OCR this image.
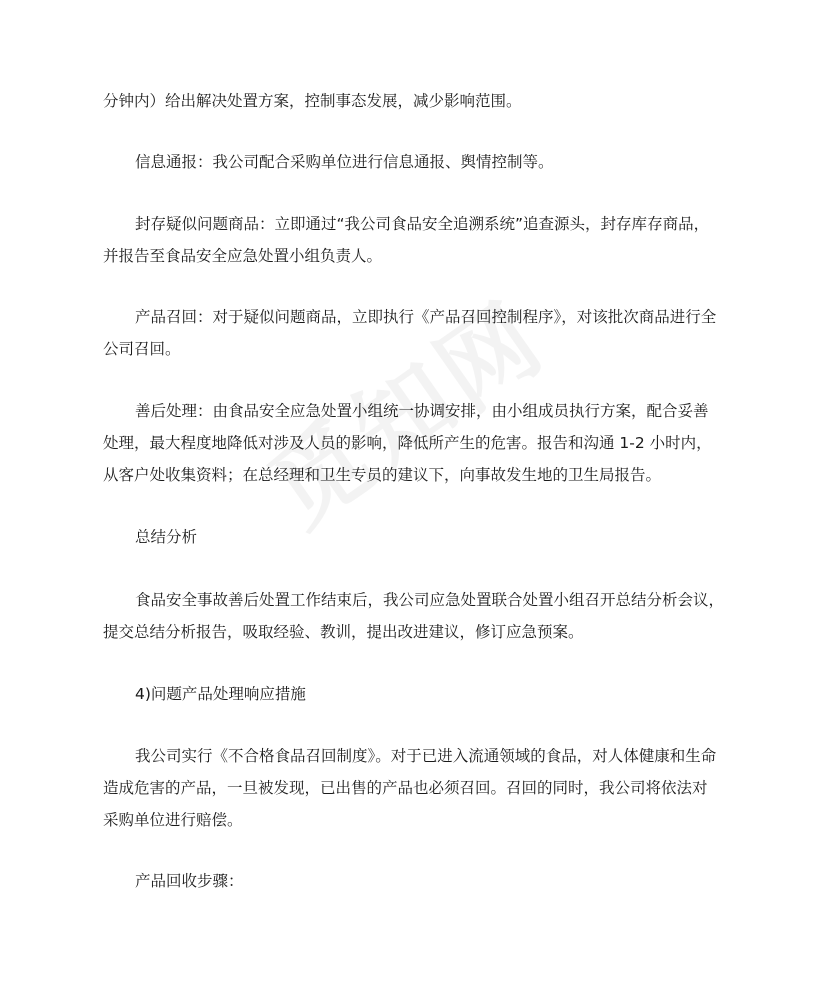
分钟内）给出解决处置方案，控制事态发展，减少影响范围。
信息通报：我公司配合采购单位进行信息通报、舆情控制等。
封存疑似问题商品：立即通过“我公司食品安全追溯系统”追查源头，封存库存商品，
并报告至食品安全应急处置小组负责人。
产品召回：对于疑似问题商品，立即执行《产品召回控制程序》，对该批次商品进行全
公司召回。
善后处理：由食品安全应急处置小组统一协调安排，由小组成员执行方案，配合妥善
处理，最大程度地降低对涉及人员的影响，降低所产生的危害。报告和沟通 1-2 小时内，
从客户处收集资料；在总经理和卫生专员的建议下，向事故发生地的卫生局报告。
总结分析
食品安全事故善后处置工作结束后，我公司应急处置联合处置小组召开总结分析会议，
提交总结分析报告，吸取经验、教训，提出改进建议，修订应急预案。
4)问题产品处理响应措施
我公司实行《不合格食品召回制度》。对于已进入流通领域的食品，对人体健康和生命
造成危害的产品，一旦被发现，已出售的产品也必须召回。召回的同时，我公司将依法对
采购单位进行赔偿。
产品回收步骤：
